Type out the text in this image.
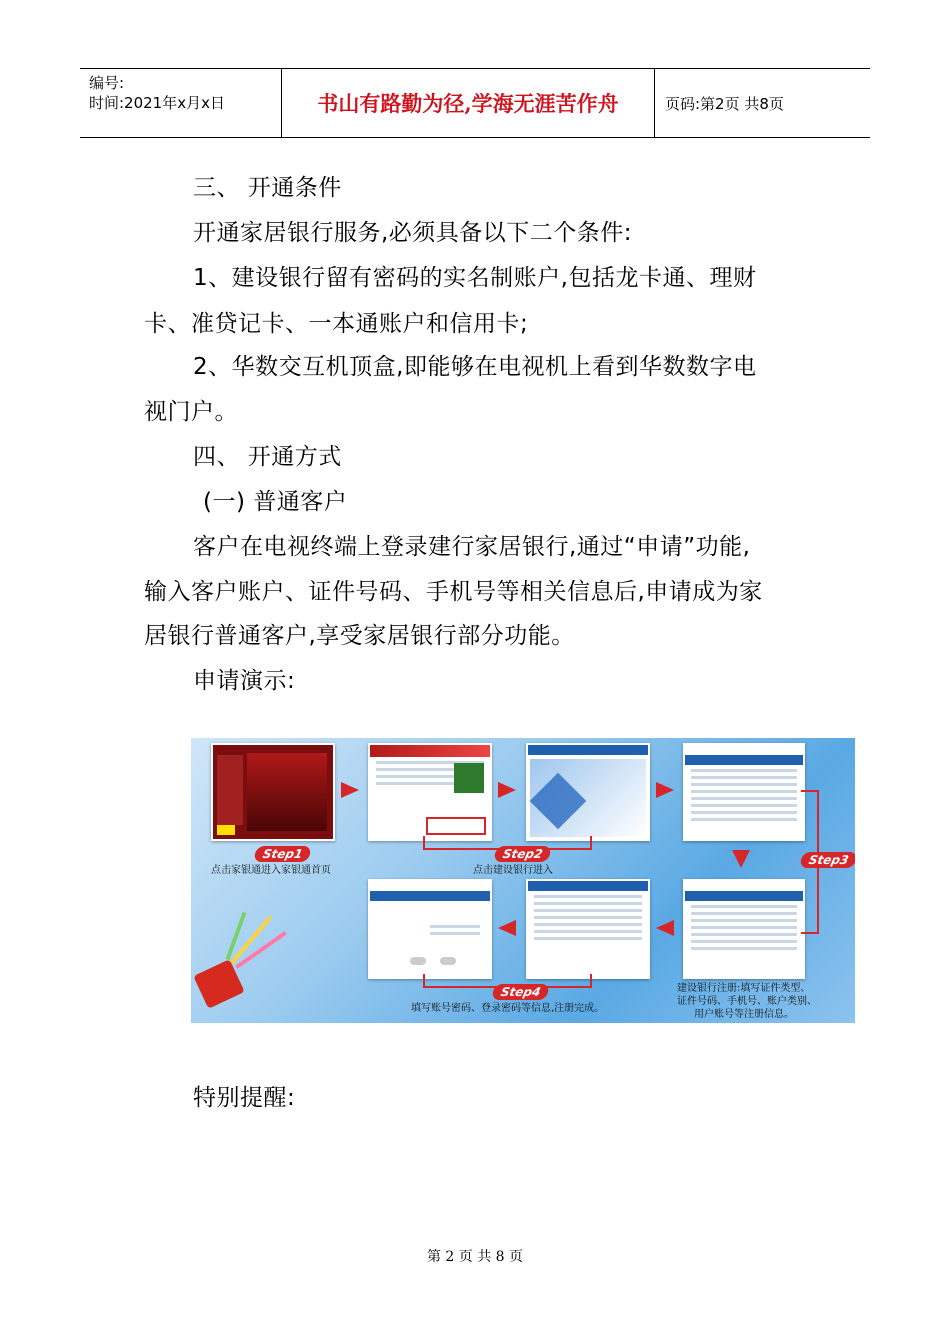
编号:
时间:2021年x月x日	书山有路勤为径,学海无涯苦作舟	页码:第2页 共8页
三、 开通条件
开通家居银行服务,必须具备以下二个条件:
1、建设银行留有密码的实名制账户,包括龙卡通、理财
卡、准贷记卡、一本通账户和信用卡;
2、华数交互机顶盒,即能够在电视机上看到华数数字电
视门户。
四、 开通方式
(一) 普通客户
客户在电视终端上登录建行家居银行,通过“申请”功能,
输入客户账户、证件号码、手机号等相关信息后,申请成为家
居银行普通客户,享受家居银行部分功能。
申请演示:
Step1	Step2	Step3
Step4
点击家银通进入家银通首页	点击建设银行进入
建设银行注册:填写证件类型、
证件号码、手机号、账户类别、
用户账号等注册信息。
填写账号密码、登录密码等信息,注册完成。
特别提醒:
第 2 页 共 8 页
